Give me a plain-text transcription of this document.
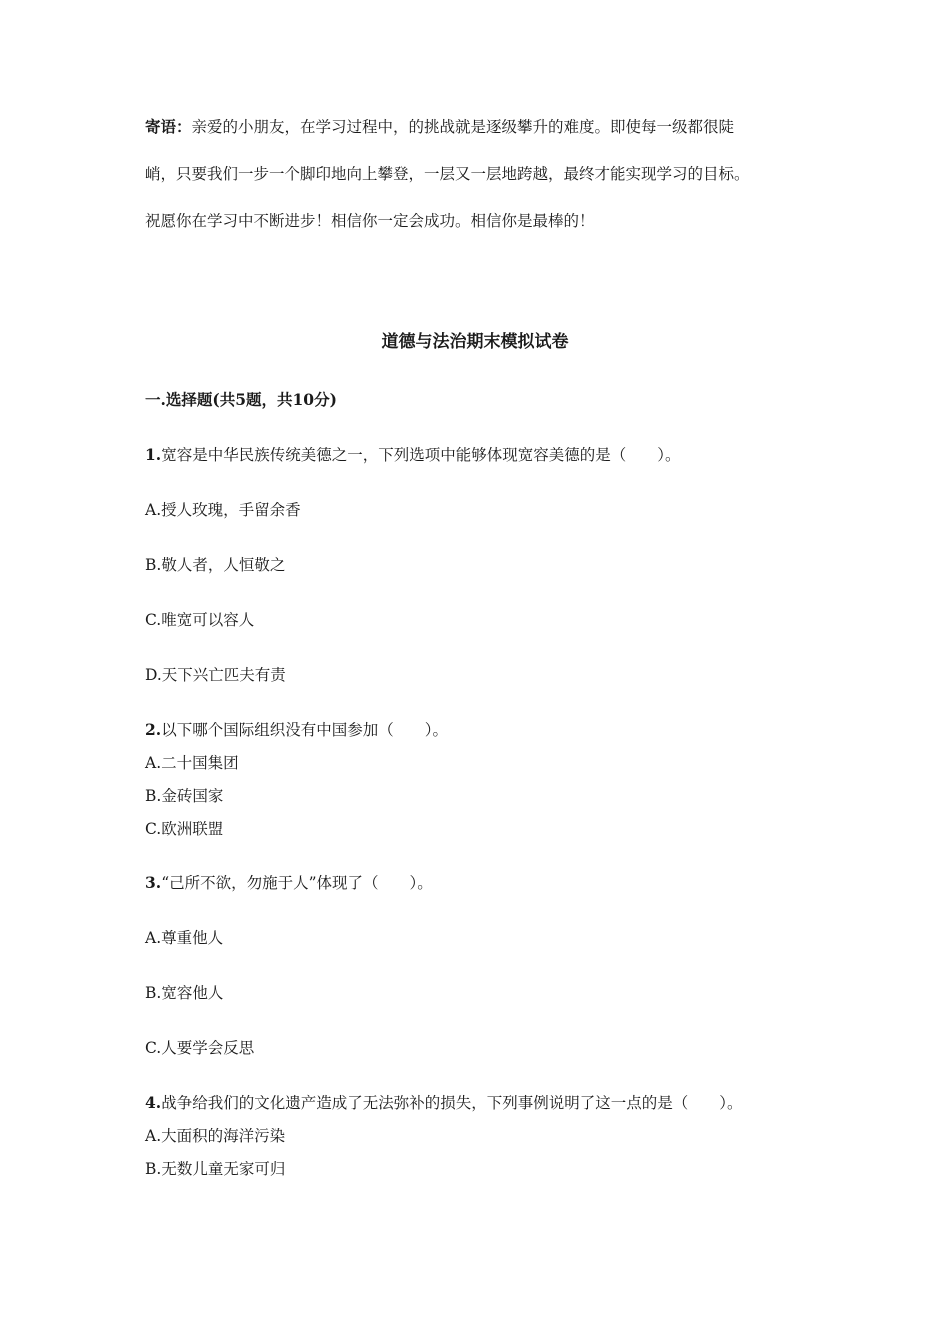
寄语：亲爱的小朋友，在学习过程中，的挑战就是逐级攀升的难度。即使每一级都很陡
峭，只要我们一步一个脚印地向上攀登，一层又一层地跨越，最终才能实现学习的目标。
祝愿你在学习中不断进步！相信你一定会成功。相信你是最棒的！
道德与法治期末模拟试卷
一.选择题(共5题，共10分)
1.宽容是中华民族传统美德之一，下列选项中能够体现宽容美德的是（　　）。
A.授人玫瑰，手留余香
B.敬人者，人恒敬之
C.唯宽可以容人
D.天下兴亡匹夫有责
2.以下哪个国际组织没有中国参加（　　）。
A.二十国集团
B.金砖国家
C.欧洲联盟
3.“己所不欲，勿施于人”体现了（　　）。
A.尊重他人
B.宽容他人
C.人要学会反思
4.战争给我们的文化遗产造成了无法弥补的损失，下列事例说明了这一点的是（　　）。
A.大面积的海洋污染
B.无数儿童无家可归
